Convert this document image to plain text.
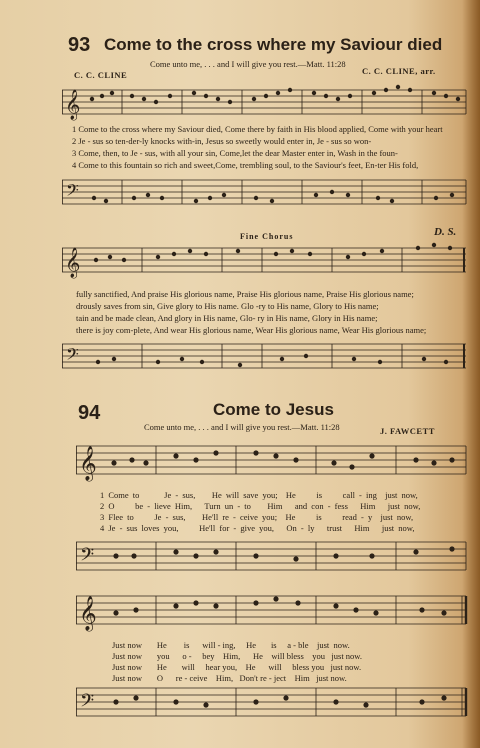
93 Come to the cross where my Saviour died
Come unto me, . . . and I will give you rest.—Matt. 11:28
C. C. CLINE	C. C. CLINE, arr.
𝄞
1 Come to the cross where my Saviour died, Come there by faith in His blood applied, Come with your heart
2 Je - sus so ten-der-ly knocks with-in, Jesus so sweetly would enter in, Je - sus so won-
3 Come, then, to Je - sus, with all your sin, Come,let the dear Master enter in, Wash in the foun-
4 Come to this fountain so rich and sweet,Come, trembling soul, to the Saviour's feet, En-ter His fold,
𝄢
Fine Chorus	D. S.
𝄞
fully sanctified, And praise His glorious name, Praise His glorious name, Praise His glorious name;
drously saves from sin, Give glory to His name. Glo -ry to His name, Glory to His name;
tain and be made clean, And glory in His name, Glo- ry in His name, Glory in His name;
there is joy com-plete, And wear His glorious name, Wear His glorious name, Wear His glorious name;
𝄢
94	Come to Jesus
Come unto me, . . . and I will give you rest.—Matt. 11:28	J. FAWCETT
𝄞
1 Come to	Je - sus, He will save you; He is call - ing just now,
2 O be - lieve Him, Turn un - to Him and con - fess Him just now,
3 Flee to Je - sus, He'll re - ceive you; He is read - y just now,
4 Je - sus loves you, He'll for - give you, On - ly trust Him just now,
𝄢
𝄞
Just now He is will - ing, He is a - ble just now.
Just now you o - bey Him, He will bless you just now.
Just now He will hear you, He will bless you just now.
Just now O re - ceive Him, Don't re - ject Him just now.
𝄢
